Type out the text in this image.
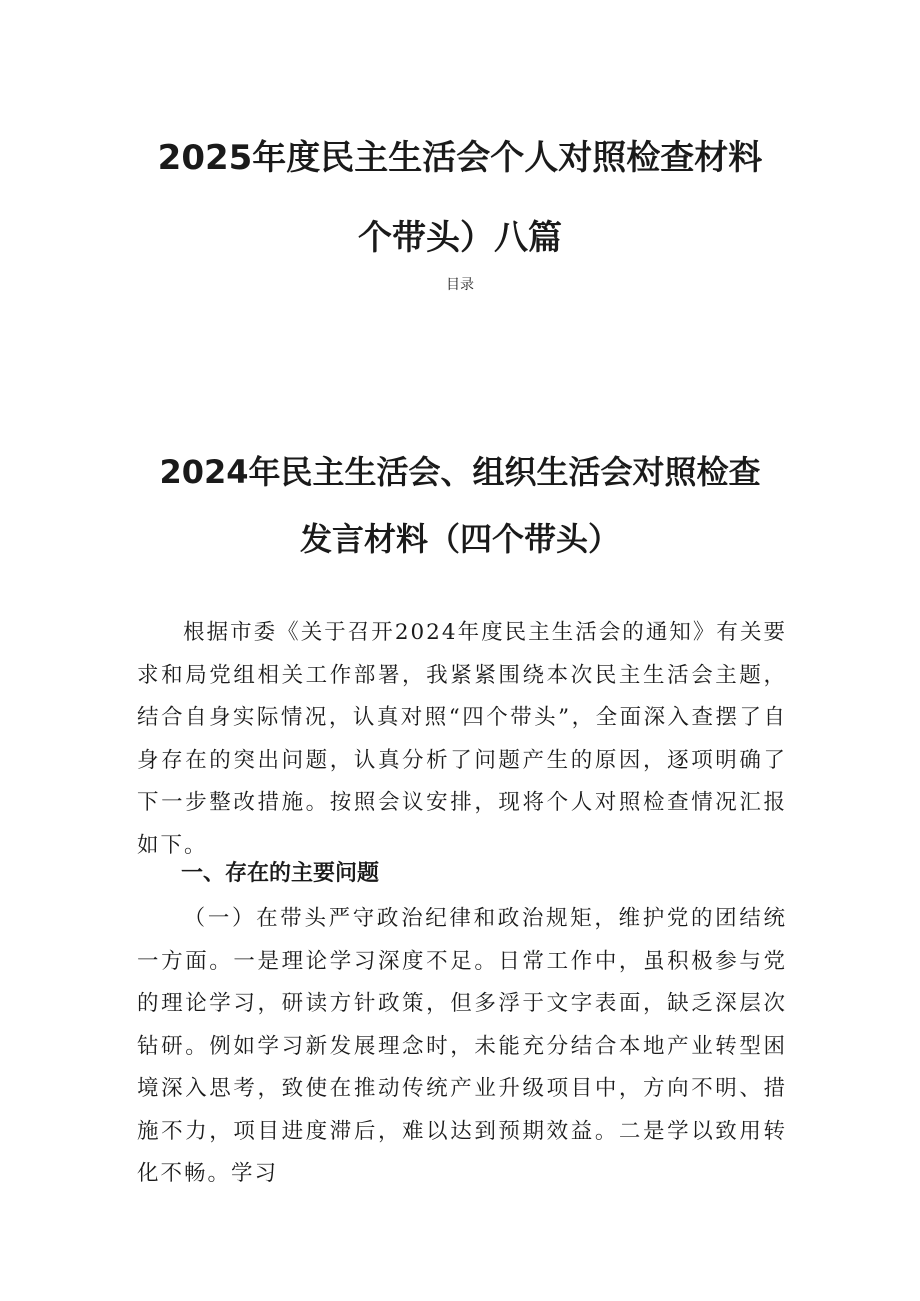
2025年度民主生活会个人对照检查材料
个带头）八篇
目录
2024年民主生活会、组织生活会对照检查
发言材料（四个带头）

根据市委《关于召开2024年度民主生活会的通知》有关要求和局党组相关工作部署，我紧紧围绕本次民主生活会主题，结合自身实际情况，认真对照“四个带头”，全面深入查摆了自身存在的突出问题，认真分析了问题产生的原因，逐项明确了下一步整改措施。按照会议安排，现将个人对照检查情况汇报如下。

一、存在的主要问题

（一）在带头严守政治纪律和政治规矩，维护党的团结统一方面。一是理论学习深度不足。日常工作中，虽积极参与党的理论学习，研读方针政策，但多浮于文字表面，缺乏深层次钻研。例如学习新发展理念时，未能充分结合本地产业转型困境深入思考，致使在推动传统产业升级项目中，方向不明、措施不力，项目进度滞后，难以达到预期效益。二是学以致用转化不畅。学习
